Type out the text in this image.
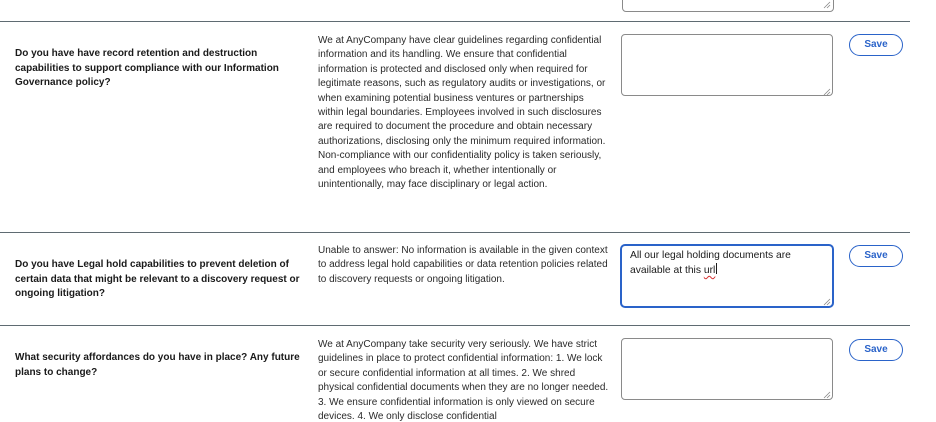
Do you have have record retention and destruction capabilities to support compliance with our Information Governance policy?

We at AnyCompany have clear guidelines regarding confidential information and its handling. We ensure that confidential information is protected and disclosed only when required for legitimate reasons, such as regulatory audits or investigations, or when examining potential business ventures or partnerships within legal boundaries. Employees involved in such disclosures are required to document the procedure and obtain necessary authorizations, disclosing only the minimum required information. Non-compliance with our confidentiality policy is taken seriously, and employees who breach it, whether intentionally or unintentionally, may face disciplinary or legal action.

Save
Do you have Legal hold capabilities to prevent deletion of certain data that might be relevant to a discovery request or ongoing litigation?

Unable to answer: No information is available in the given context to address legal hold capabilities or data retention policies related to discovery requests or ongoing litigation.

All our legal holding documents are available at this url
Save
What security affordances do you have in place? Any future plans to change?

We at AnyCompany take security very seriously. We have strict guidelines in place to protect confidential information: 1. We lock or secure confidential information at all times. 2. We shred physical confidential documents when they are no longer needed. 3. We ensure confidential information is only viewed on secure devices. 4. We only disclose confidential

Save
